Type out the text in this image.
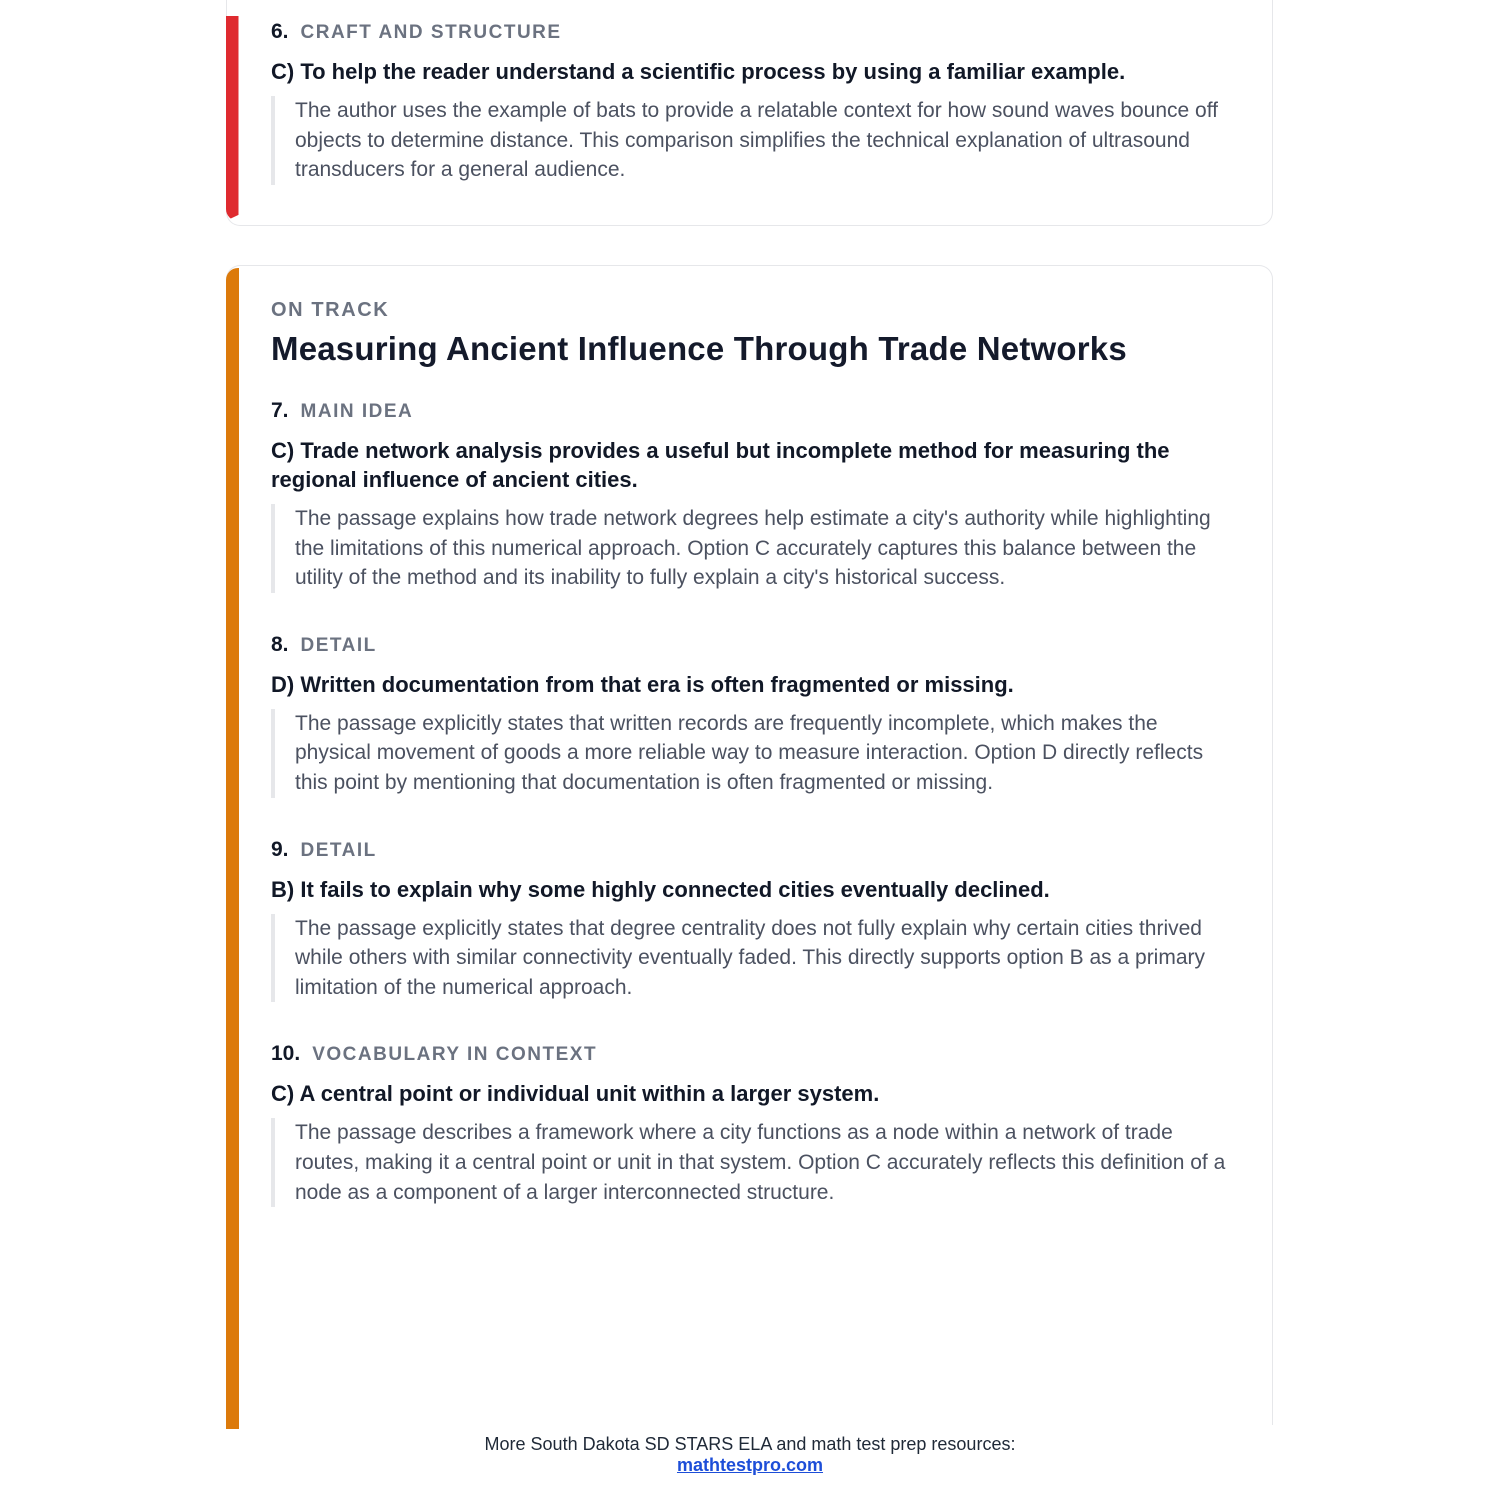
6. CRAFT AND STRUCTURE

C) To help the reader understand a scientific process by using a familiar example.

The author uses the example of bats to provide a relatable context for how sound waves bounce off objects to determine distance. This comparison simplifies the technical explanation of ultrasound transducers for a general audience.

ON TRACK
Measuring Ancient Influence Through Trade Networks
7. MAIN IDEA

C) Trade network analysis provides a useful but incomplete method for measuring the regional influence of ancient cities.

The passage explains how trade network degrees help estimate a city's authority while highlighting the limitations of this numerical approach. Option C accurately captures this balance between the utility of the method and its inability to fully explain a city's historical success.

8. DETAIL

D) Written documentation from that era is often fragmented or missing.

The passage explicitly states that written records are frequently incomplete, which makes the physical movement of goods a more reliable way to measure interaction. Option D directly reflects this point by mentioning that documentation is often fragmented or missing.

9. DETAIL

B) It fails to explain why some highly connected cities eventually declined.

The passage explicitly states that degree centrality does not fully explain why certain cities thrived while others with similar connectivity eventually faded. This directly supports option B as a primary limitation of the numerical approach.

10. VOCABULARY IN CONTEXT

C) A central point or individual unit within a larger system.

The passage describes a framework where a city functions as a node within a network of trade routes, making it a central point or unit in that system. Option C accurately reflects this definition of a node as a component of a larger interconnected structure.

More South Dakota SD STARS ELA and math test prep resources:
mathtestpro.com
